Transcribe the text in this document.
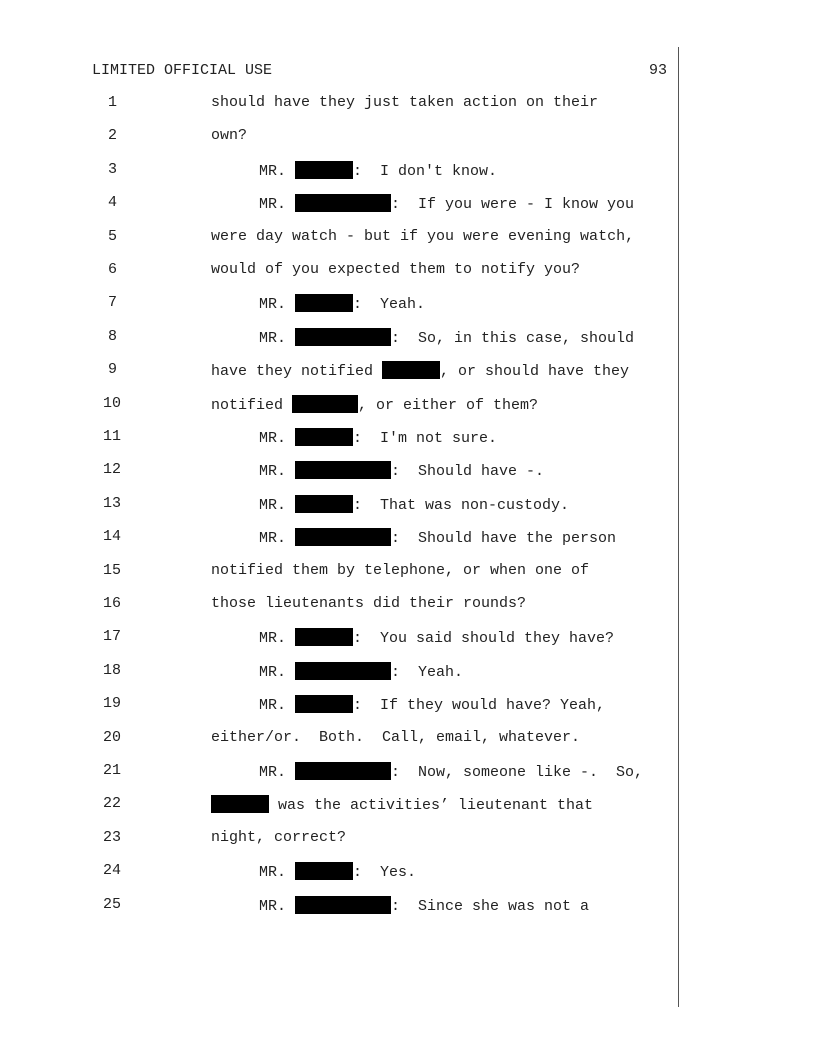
LIMITED OFFICIAL USE	93
1	should have they just taken action on their
2	own?
3	MR.	:  I don't know.
4	MR.	:  If you were - I know you
5	were day watch - but if you were evening watch,
6	would of you expected them to notify you?
7	MR.	:  Yeah.
8	MR.	:  So, in this case, should
9	have they notified	, or should have they
10	notified	, or either of them?
11	MR.	:  I'm not sure.
12	MR.	:  Should have -.
13	MR.	:  That was non-custody.
14	MR.	:  Should have the person
15	notified them by telephone, or when one of
16	those lieutenants did their rounds?
17	MR.	:  You said should they have?
18	MR.	:  Yeah.
19	MR.	:  If they would have? Yeah,
20	either/or.  Both.  Call, email, whatever.
21	MR.	:  Now, someone like -.  So,
22	was the activities’ lieutenant that
23	night, correct?
24	MR.	:  Yes.
25	MR.	:  Since she was not a
